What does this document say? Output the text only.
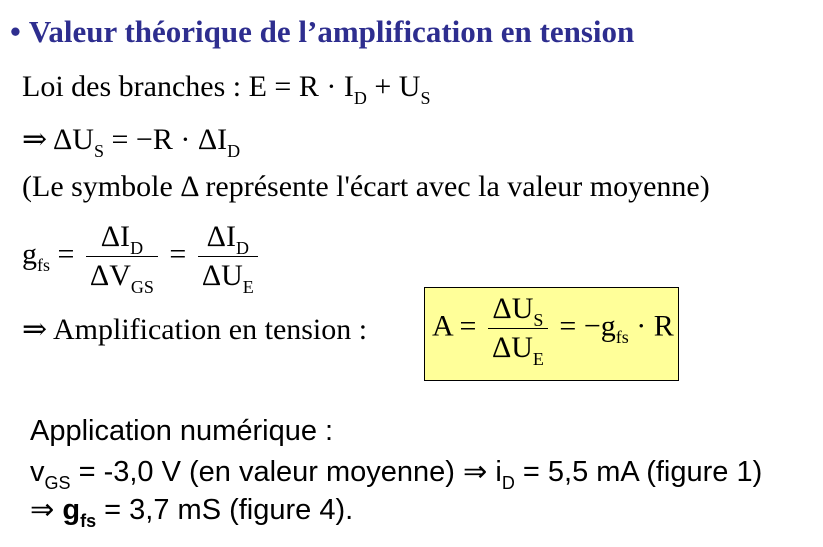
• Valeur théorique de l’amplification en tension
Loi des branches : $E = R \cdot I_D + U_S$
⇒ $\Delta U_S = -R \cdot \Delta I_D$
(Le symbole Δ représente l'écart avec la valeur moyenne)
$g_{fs} = \frac{\Delta I_D}{\Delta V_{GS}} = \frac{\Delta I_D}{\Delta U_E}$
⇒ Amplification en tension : $A = \frac{\Delta U_S}{\Delta U_E} = -g_{fs} \cdot R$
Application numérique :
$v_{GS} = -3,0$ V (en valeur moyenne) ⇒ $i_D = 5,5$ mA (figure 1)
⇒ $g_{fs} = 3,7$ mS (figure 4).
